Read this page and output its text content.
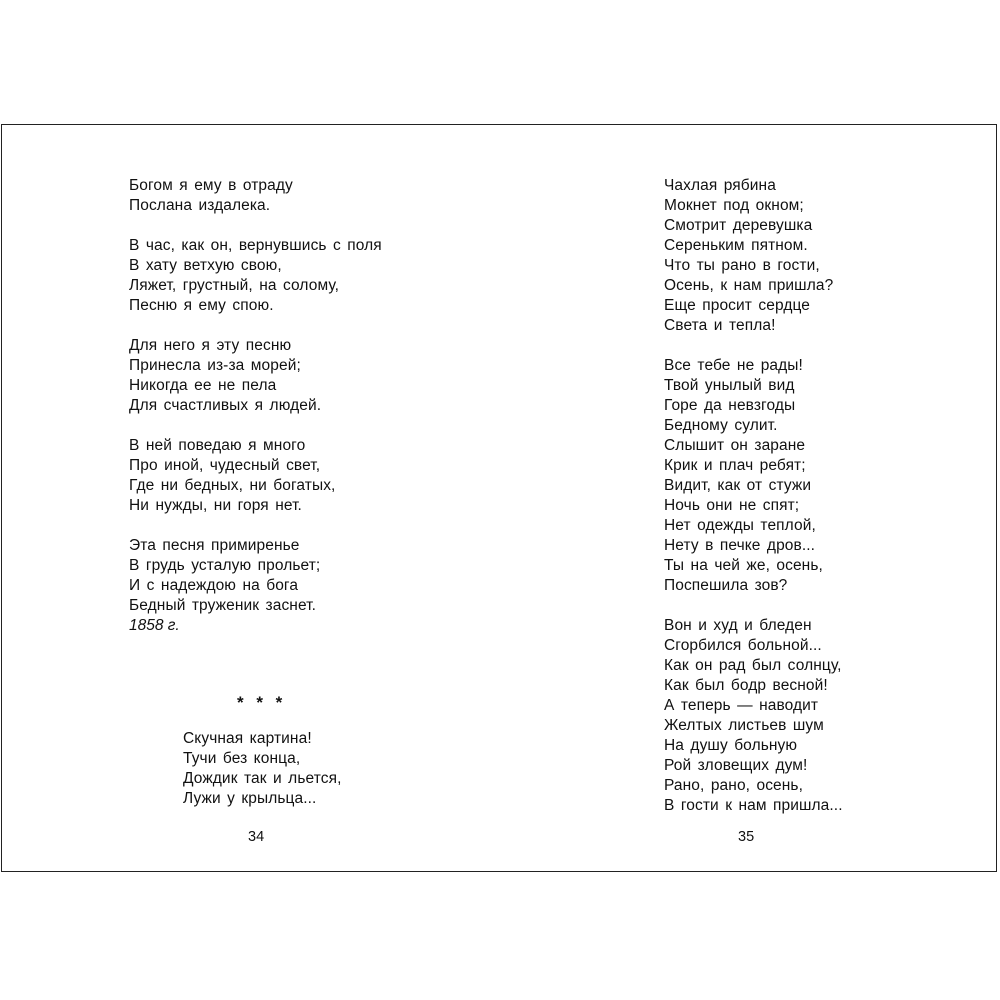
Богом я ему в отраду
Послана издалека.
В час, как он, вернувшись с поля
В хату ветхую свою,
Ляжет, грустный, на солому,
Песню я ему спою.
Для него я эту песню
Принесла из-за морей;
Никогда ее не пела
Для счастливых я людей.
В ней поведаю я много
Про иной, чудесный свет,
Где ни бедных, ни богатых,
Ни нужды, ни горя нет.
Эта песня примиренье
В грудь усталую прольет;
И с надеждою на бога
Бедный труженик заснет.
1858 г.
* * *
Скучная картина!
Тучи без конца,
Дождик так и льется,
Лужи у крыльца...
34
Чахлая рябина
Мокнет под окном;
Смотрит деревушка
Сереньким пятном.
Что ты рано в гости,
Осень, к нам пришла?
Еще просит сердце
Света и тепла!
Все тебе не рады!
Твой унылый вид
Горе да невзгоды
Бедному сулит.
Слышит он заране
Крик и плач ребят;
Видит, как от стужи
Ночь они не спят;
Нет одежды теплой,
Нету в печке дров...
Ты на чей же, осень,
Поспешила зов?
Вон и худ и бледен
Сгорбился больной...
Как он рад был солнцу,
Как был бодр весной!
А теперь — наводит
Желтых листьев шум
На душу больную
Рой зловещих дум!
Рано, рано, осень,
В гости к нам пришла...
35
